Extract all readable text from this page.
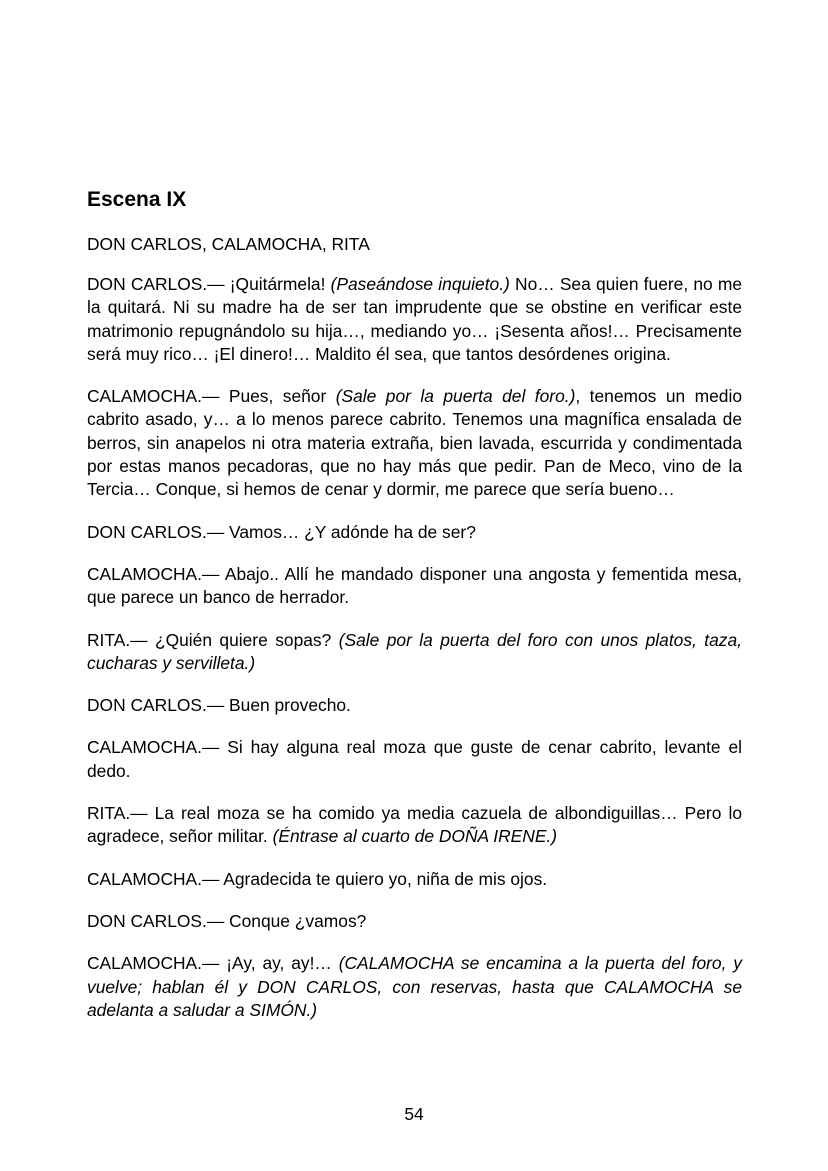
Escena IX
DON CARLOS, CALAMOCHA, RITA

DON CARLOS.— ¡Quitármela! (Paseándose inquieto.) No… Sea quien fuere, no me la quitará. Ni su madre ha de ser tan imprudente que se obstine en verificar este matrimonio repugnándolo su hija…, mediando yo… ¡Sesenta años!… Precisamente será muy rico… ¡El dinero!… Maldito él sea, que tantos desórdenes origina.

CALAMOCHA.— Pues, señor (Sale por la puerta del foro.), tenemos un medio cabrito asado, y… a lo menos parece cabrito. Tenemos una magnífica ensalada de berros, sin anapelos ni otra materia extraña, bien lavada, escurrida y condimentada por estas manos pecadoras, que no hay más que pedir. Pan de Meco, vino de la Tercia… Conque, si hemos de cenar y dormir, me parece que sería bueno…

DON CARLOS.— Vamos… ¿Y adónde ha de ser?

CALAMOCHA.— Abajo.. Allí he mandado disponer una angosta y fementida mesa, que parece un banco de herrador.

RITA.— ¿Quién quiere sopas? (Sale por la puerta del foro con unos platos, taza, cucharas y servilleta.)

DON CARLOS.— Buen provecho.

CALAMOCHA.— Si hay alguna real moza que guste de cenar cabrito, levante el dedo.

RITA.— La real moza se ha comido ya media cazuela de albondiguillas… Pero lo agradece, señor militar. (Éntrase al cuarto de DOÑA IRENE.)

CALAMOCHA.— Agradecida te quiero yo, niña de mis ojos.

DON CARLOS.— Conque ¿vamos?

CALAMOCHA.— ¡Ay, ay, ay!… (CALAMOCHA se encamina a la puerta del foro, y vuelve; hablan él y DON CARLOS, con reservas, hasta que CALAMOCHA se adelanta a saludar a SIMÓN.)

54
